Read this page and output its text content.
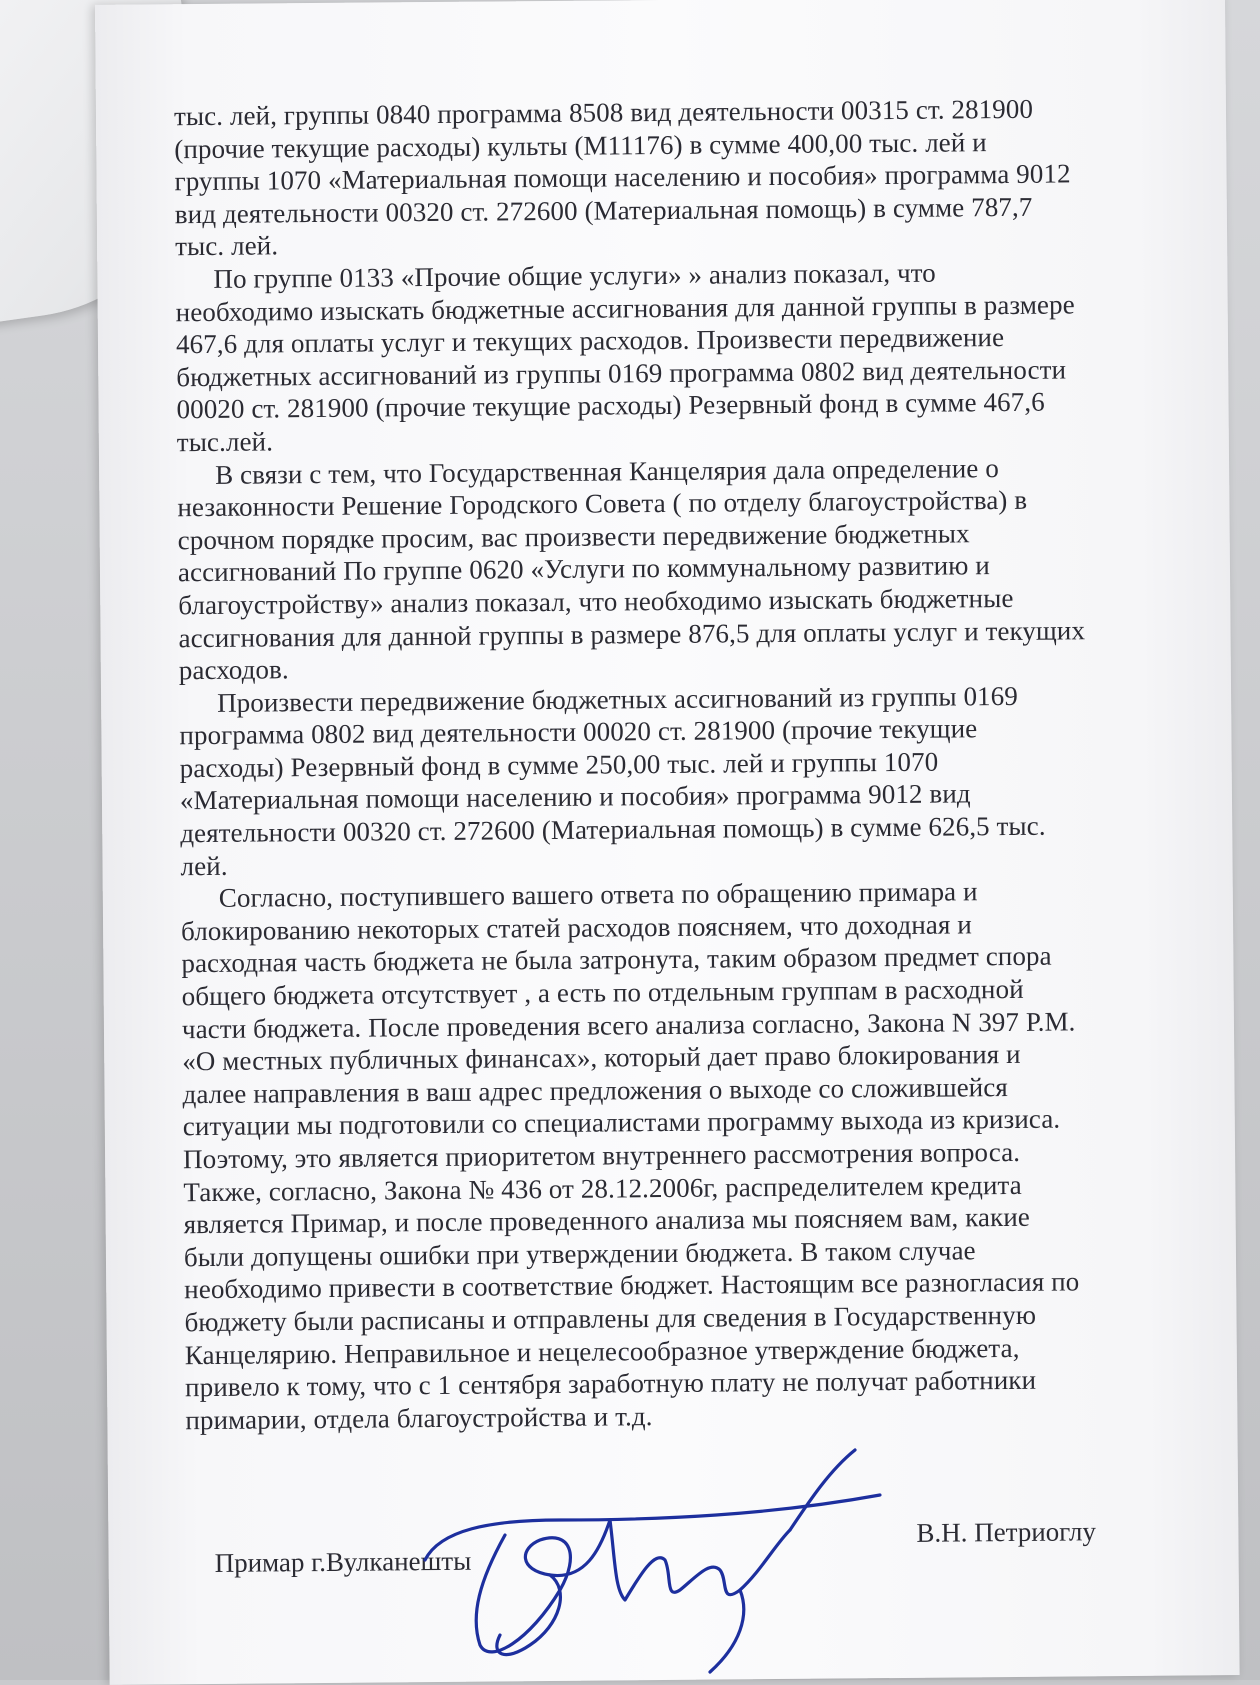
тыс. лей, группы 0840 программа 8508 вид деятельности 00315 ст. 281900
(прочие текущие расходы) культы (М11176) в сумме 400,00 тыс. лей и
группы 1070 «Материальная помощи населению и пособия» программа 9012
вид деятельности 00320 ст. 272600 (Материальная помощь) в сумме 787,7
тыс. лей.

По группе 0133 «Прочие общие услуги» » анализ показал, что
необходимо изыскать бюджетные ассигнования для данной группы в размере
467,6 для оплаты услуг и текущих расходов. Произвести передвижение
бюджетных ассигнований из группы 0169 программа 0802 вид деятельности
00020 ст. 281900 (прочие текущие расходы) Резервный фонд в сумме 467,6
тыс.лей.

В связи с тем, что Государственная Канцелярия дала определение о
незаконности Решение Городского Совета ( по отделу благоустройства) в
срочном порядке просим, вас произвести передвижение бюджетных
ассигнований По группе 0620 «Услуги по коммунальному развитию и
благоустройству» анализ показал, что необходимо изыскать бюджетные
ассигнования для данной группы в размере 876,5 для оплаты услуг и текущих
расходов.

Произвести передвижение бюджетных ассигнований из группы 0169
программа 0802 вид деятельности 00020 ст. 281900 (прочие текущие
расходы) Резервный фонд в сумме 250,00 тыс. лей и группы 1070
«Материальная помощи населению и пособия» программа 9012 вид
деятельности 00320 ст. 272600 (Материальная помощь) в сумме 626,5 тыс.
лей.

Согласно, поступившего вашего ответа по обращению примара и
блокированию некоторых статей расходов поясняем, что доходная и
расходная часть бюджета не была затронута, таким образом предмет спора
общего бюджета отсутствует , а есть по отдельным группам в расходной
части бюджета. После проведения всего анализа согласно, Закона N 397 Р.М.
«О местных публичных финансах», который дает право блокирования и
далее направления в ваш адрес предложения о выходе со сложившейся
ситуации мы подготовили со специалистами программу выхода из кризиса.
Поэтому, это является приоритетом внутреннего рассмотрения вопроса.
Также, согласно, Закона № 436 от 28.12.2006г, распределителем кредита
является Примар, и после проведенного анализа мы поясняем вам, какие
были допущены ошибки при утверждении бюджета. В таком случае
необходимо привести в соответствие бюджет. Настоящим все разногласия по
бюджету были расписаны и отправлены для сведения в Государственную
Канцелярию. Неправильное и нецелесообразное утверждение бюджета,
привело к тому, что с 1 сентября заработную плату не получат работники
примарии, отдела благоустройства и т.д.

Примар г.Вулканешты
В.Н. Петриоглу
